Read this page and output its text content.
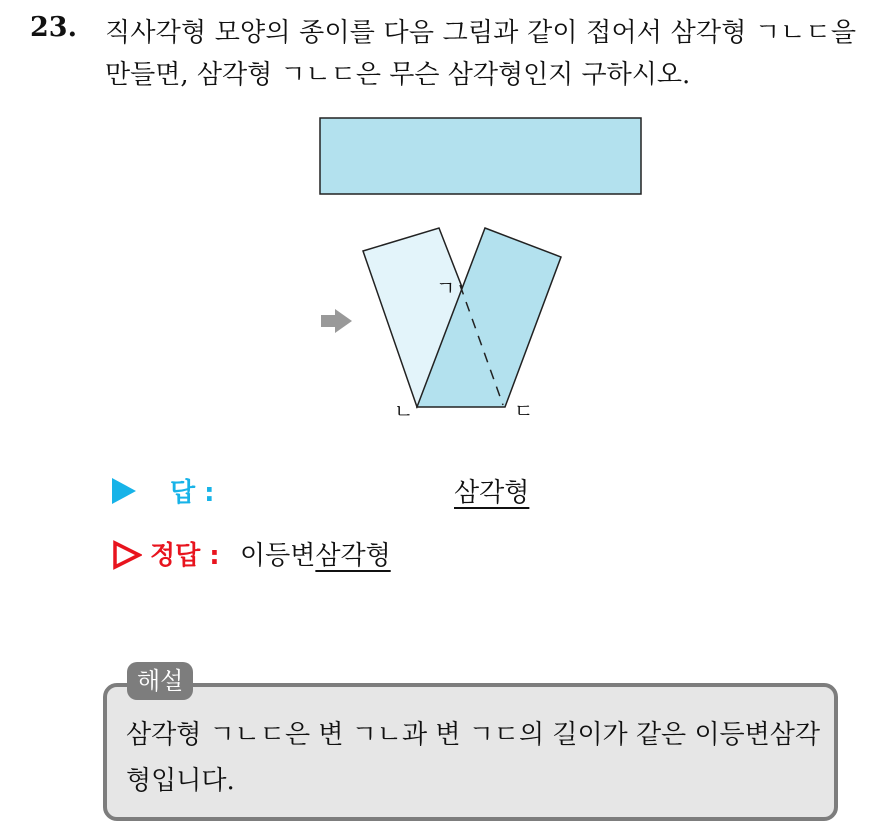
23. 직사각형 모양의 종이를 다음 그림과 같이 접어서 삼각형 ㄱㄴㄷ을
만들면, 삼각형 ㄱㄴㄷ은 무슨 삼각형인지 구하시오.
ㄱ
ㄴ	ㄷ
답 :	삼각형
정답 : 이등변삼각형
해설
삼각형 ㄱㄴㄷ은 변 ㄱㄴ과 변 ㄱㄷ의 길이가 같은 이등변삼각
형입니다.
